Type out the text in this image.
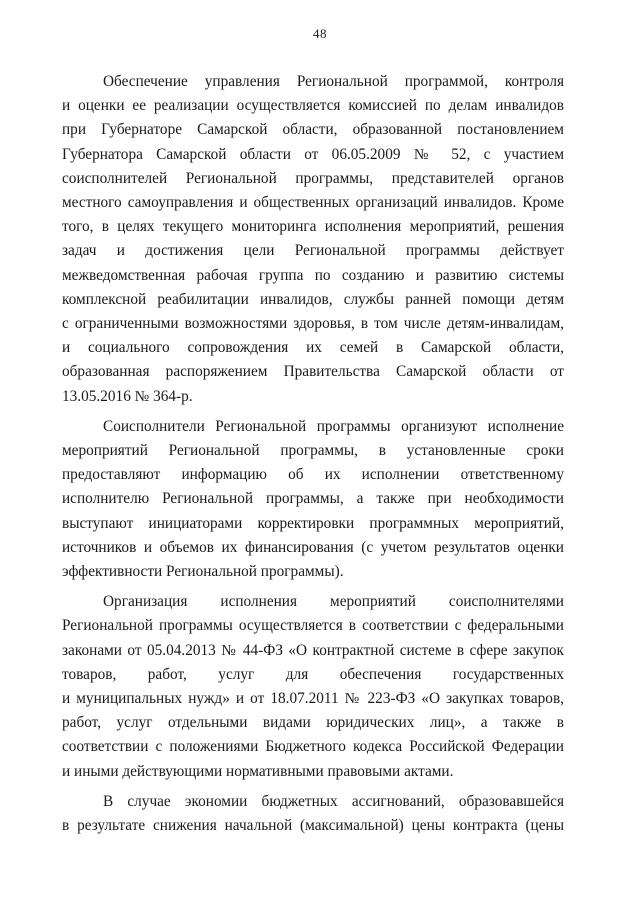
48
Обеспечение управления Региональной программой, контроля
и оценки ее реализации осуществляется комиссией по делам инвалидов
при Губернаторе Самарской области, образованной постановлением
Губернатора Самарской области от 06.05.2009 № 52, с участием
соисполнителей Региональной программы, представителей органов
местного самоуправления и общественных организаций инвалидов. Кроме
того, в целях текущего мониторинга исполнения мероприятий, решения
задач и достижения цели Региональной программы действует
межведомственная рабочая группа по созданию и развитию системы
комплексной реабилитации инвалидов, службы ранней помощи детям
с ограниченными возможностями здоровья, в том числе детям-инвалидам,
и социального сопровождения их семей в Самарской области,
образованная распоряжением Правительства Самарской области от
13.05.2016 № 364-р.
Соисполнители Региональной программы организуют исполнение
мероприятий Региональной программы, в установленные сроки
предоставляют информацию об их исполнении ответственному
исполнителю Региональной программы, а также при необходимости
выступают инициаторами корректировки программных мероприятий,
источников и объемов их финансирования (с учетом результатов оценки
эффективности Региональной программы).
Организация исполнения мероприятий соисполнителями
Региональной программы осуществляется в соответствии с федеральными
законами от 05.04.2013 № 44-ФЗ «О контрактной системе в сфере закупок
товаров, работ, услуг для обеспечения государственных
и муниципальных нужд» и от 18.07.2011 № 223-ФЗ «О закупках товаров,
работ, услуг отдельными видами юридических лиц», а также в
соответствии с положениями Бюджетного кодекса Российской Федерации
и иными действующими нормативными правовыми актами.
В случае экономии бюджетных ассигнований, образовавшейся
в результате снижения начальной (максимальной) цены контракта (цены
